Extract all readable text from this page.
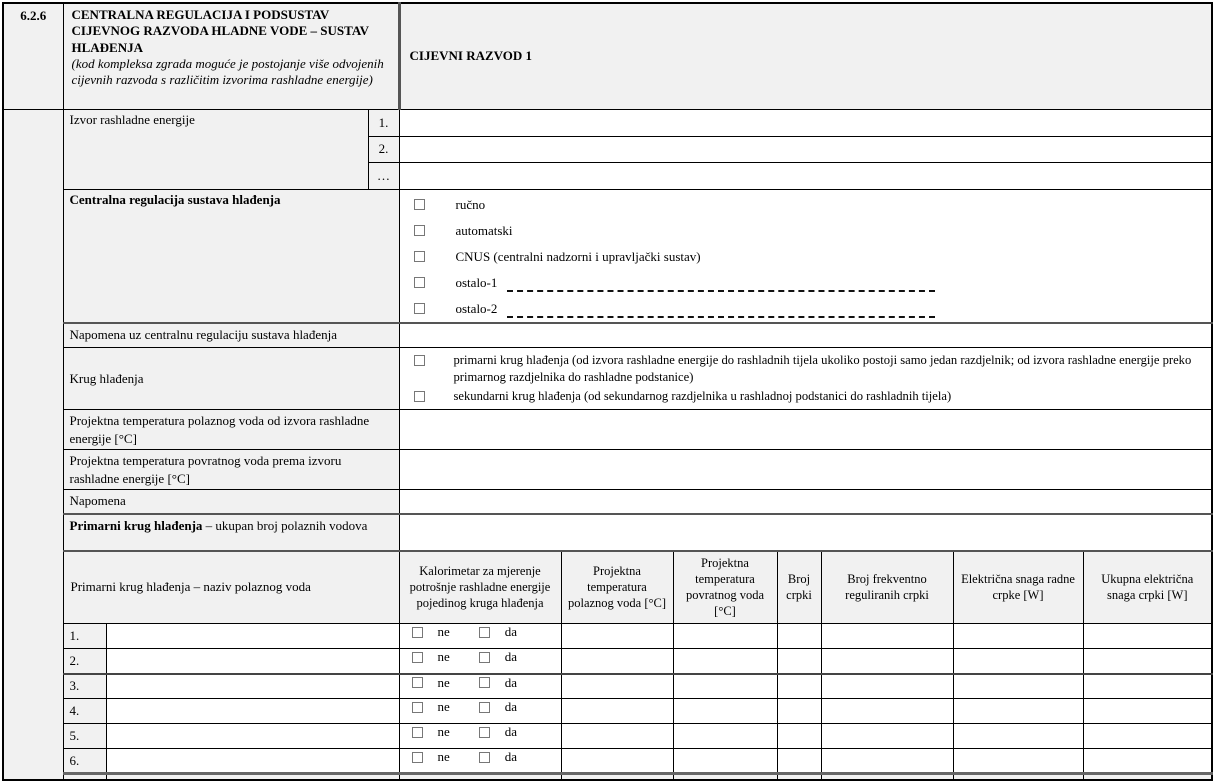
6.2.6	CENTRALNA REGULACIJA I PODSUSTAV CIJEVNOG RAZVODA HLADNE VODE – SUSTAV HLAĐENJA
(kod kompleksa zgrada moguće je postojanje više odvojenih cijevnih razvoda s različitim izvorima rashladne energije)			CIJEVNI RAZVOD 1						
	Izvor rashladne energije		1.							
			2.							
			…							
	Centralna regulacija sustava hlađenja			ručno
automatski
CNUS (centralni nadzorni i upravljački sustav)
ostalo-1
ostalo-2						

	Napomena uz centralnu regulaciju sustava hlađenja									
	Krug hlađenja			primarni krug hlađenja (od izvora rashladne energije do rashladnih tijela ukoliko postoji samo jedan razdjelnik; od izvora rashladne energije preko primarnog razdjelnika do rashladne podstanice)
sekundarni krug hlađenja (od sekundarnog razdjelnika u rashladnoj podstanici do rashladnih tijela)						

	Projektna temperatura polaznog voda od izvora rashladne energije [°C]									
	Projektna temperatura povratnog voda prema izvoru rashladne energije [°C]									
	Napomena									
	Primarni krug hlađenja – ukupan broj polaznih vodova									
	Primarni krug hlađenja – naziv polaznog voda			Kalorimetar za mjerenje potrošnje rashladne energije pojedinog kruga hlađenja	Projektna temperatura polaznog voda [°C]	Projektna temperatura povratnog voda [°C]	Broj crpki	Broj frekventno reguliranih crpki	Električna snaga radne crpke [W]	Ukupna električna snaga crpki [W]
	1.			ne da						

	2.			ne da						

	3.			ne da						

	4.			ne da						

	5.			ne da						

	6.			ne da						
